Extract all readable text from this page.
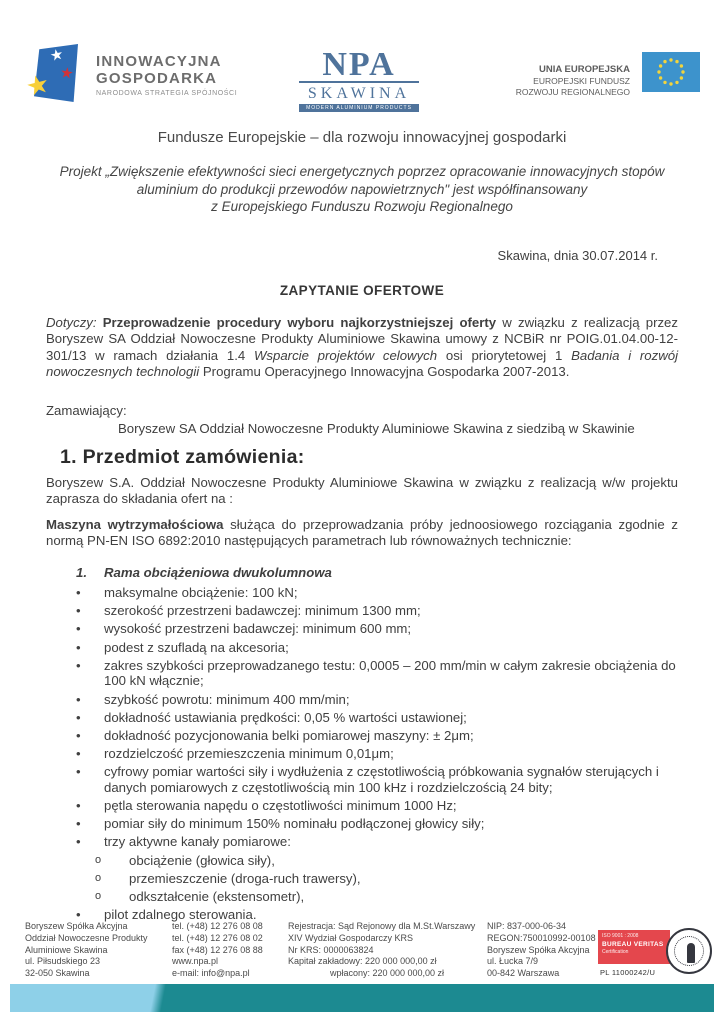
★
★
★
INNOWACYJNA
GOSPODARKA
NARODOWA STRATEGIA SPÓJNOŚCI
NPA
SKAWINA
MODERN ALUMINIUM PRODUCTS
UNIA EUROPEJSKA
EUROPEJSKI FUNDUSZ
ROZWOJU REGIONALNEGO
Fundusze Europejskie – dla rozwoju innowacyjnej gospodarki
Projekt „Zwiększenie efektywności sieci energetycznych poprzez opracowanie innowacyjnych stopów
aluminium do produkcji przewodów napowietrznych" jest współfinansowany
z Europejskiego Funduszu Rozwoju Regionalnego
Skawina, dnia 30.07.2014 r.
ZAPYTANIE OFERTOWE
Dotyczy: Przeprowadzenie procedury wyboru najkorzystniejszej oferty w związku z realizacją przez Boryszew SA Oddział Nowoczesne Produkty Aluminiowe Skawina umowy z NCBiR nr POIG.01.04.00-12-301/13 w ramach działania 1.4 Wsparcie projektów celowych osi priorytetowej 1 Badania i rozwój nowoczesnych technologii Programu Operacyjnego Innowacyjna Gospodarka 2007-2013.
Zamawiający:
Boryszew SA Oddział Nowoczesne Produkty Aluminiowe Skawina z siedzibą w Skawinie
1. Przedmiot zamówienia:
Boryszew S.A. Oddział Nowoczesne Produkty Aluminiowe Skawina w związku z realizacją w/w projektu zaprasza do składania ofert na :
Maszyna wytrzymałościowa służąca do przeprowadzania próby jednoosiowego rozciągania zgodnie z normą PN-EN ISO 6892:2010 następujących parametrach lub równoważnych technicznie:
1.	Rama obciążeniowa dwukolumnowa
•	maksymalne obciążenie: 100 kN;
•	szerokość przestrzeni badawczej: minimum 1300 mm;
•	wysokość przestrzeni badawczej: minimum 600 mm;
•	podest z szufladą na akcesoria;
•	zakres szybkości przeprowadzanego testu: 0,0005 – 200 mm/min w całym zakresie obciążenia do 100 kN włącznie;
•	szybkość powrotu: minimum 400 mm/min;
•	dokładność ustawiania prędkości: 0,05 % wartości ustawionej;
•	dokładność pozycjonowania belki pomiarowej maszyny: ± 2μm;
•	rozdzielczość przemieszczenia minimum 0,01μm;
•	cyfrowy pomiar wartości siły i wydłużenia z częstotliwością próbkowania sygnałów sterujących i danych pomiarowych z częstotliwością min 100 kHz i rozdzielczością 24 bity;
•	pętla sterowania napędu o częstotliwości minimum 1000 Hz;
•	pomiar siły do minimum 150% nominału podłączonej głowicy siły;
•	trzy aktywne kanały pomiarowe:
o	obciążenie (głowica siły),
o	przemieszczenie (droga-ruch trawersy),
o	odkształcenie (ekstensometr),
•	pilot zdalnego sterowania.
Boryszew Spółka Akcyjna
Oddział Nowoczesne Produkty
Aluminiowe Skawina
ul. Piłsudskiego 23
32-050 Skawina
tel. (+48) 12 276 08 08
tel. (+48) 12 276 08 02
fax (+48) 12 276 08 88
www.npa.pl
e-mail: info@npa.pl
Rejestracja: Sąd Rejonowy dla M.St.Warszawy
XIV Wydział Gospodarczy KRS
Nr KRS: 0000063824
Kapitał zakładowy: 220 000 000,00 zł
wpłacony: 220 000 000,00 zł
NIP: 837-000-06-34
REGON:750010992-00108
Boryszew Spółka Akcyjna
ul. Łucka 7/9
00-842 Warszawa
ISO 9001 : 2008
BUREAU VERITAS
Certification
PL 11000242/U
